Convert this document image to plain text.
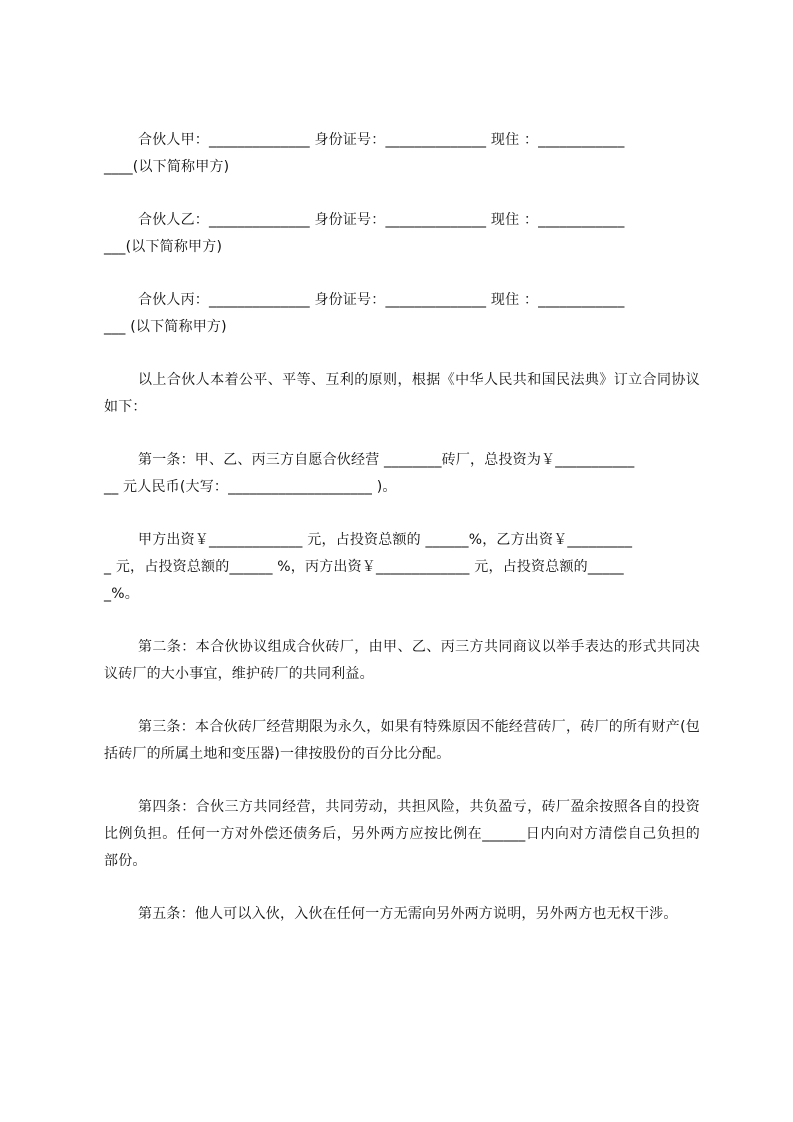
合伙人甲：______________ 身份证号：______________ 现住 ：____________
____(以下简称甲方)
合伙人乙：______________ 身份证号：______________ 现住 ：____________
___(以下简称甲方)
合伙人丙：______________ 身份证号：______________ 现住 ：____________
___ (以下简称甲方)

以上合伙人本着公平、平等、互利的原则，根据《中华人民共和国民法典》订立合同协议如下：

第一条：甲、乙、丙三方自愿合伙经营 ________砖厂，总投资为￥___________
__ 元人民币(大写：____________________ )。
甲方出资￥_____________ 元，占投资总额的 ______%，乙方出资￥_________
_ 元，占投资总额的______ %，丙方出资￥_____________ 元，占投资总额的_____
_%。

第二条：本合伙协议组成合伙砖厂，由甲、乙、丙三方共同商议以举手表达的形式共同决议砖厂的大小事宜，维护砖厂的共同利益。

第三条：本合伙砖厂经营期限为永久，如果有特殊原因不能经营砖厂，砖厂的所有财产(包括砖厂的所属土地和变压器)一律按股份的百分比分配。

第四条：合伙三方共同经营，共同劳动，共担风险，共负盈亏，砖厂盈余按照各自的投资比例负担。任何一方对外偿还债务后，另外两方应按比例在______日内向对方清偿自己负担的部份。

第五条：他人可以入伙，入伙在任何一方无需向另外两方说明，另外两方也无权干涉。
